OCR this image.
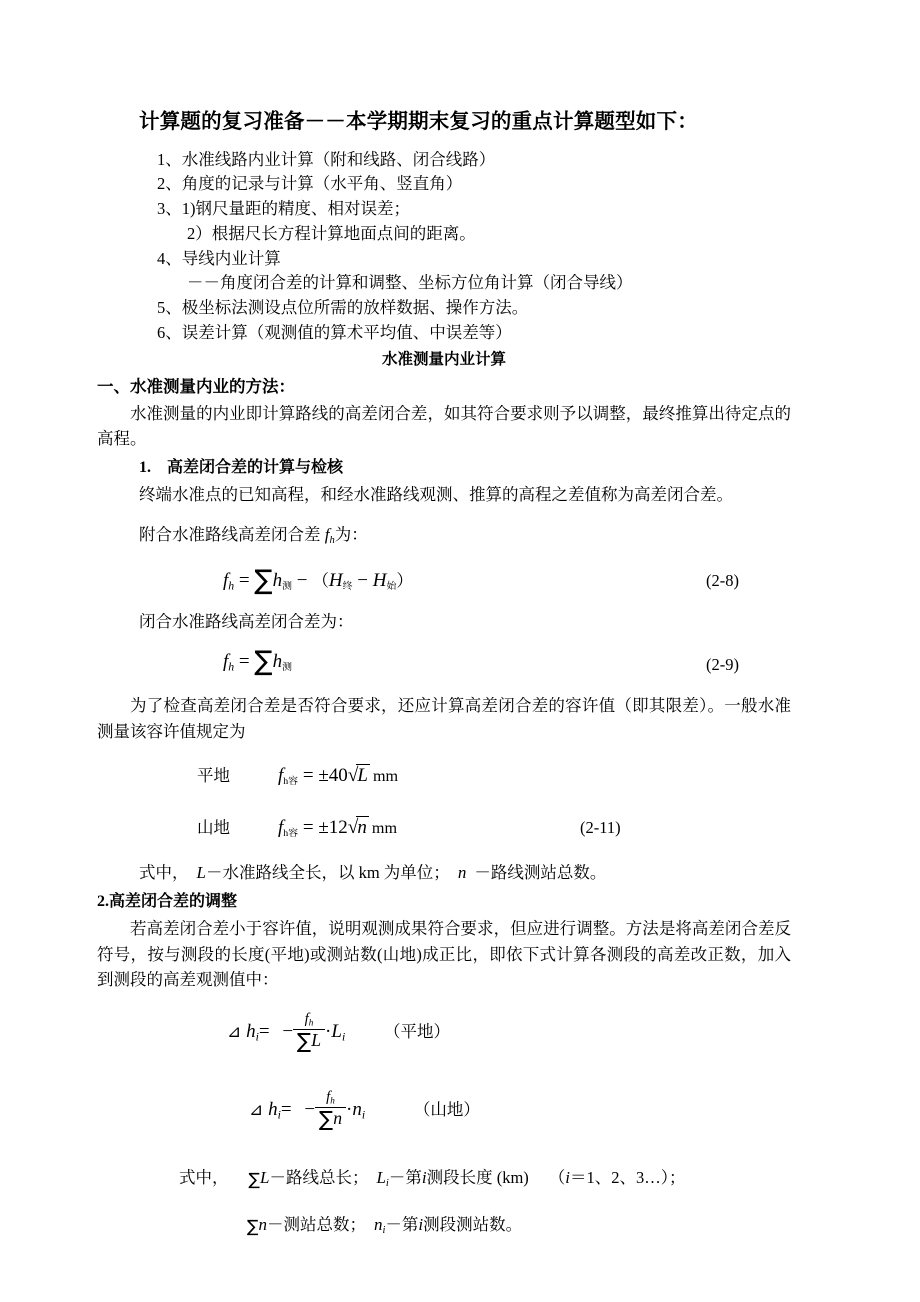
计算题的复习准备－－本学期期末复习的重点计算题型如下：
1、水准线路内业计算（附和线路、闭合线路）
2、角度的记录与计算（水平角、竖直角）
3、1)钢尺量距的精度、相对误差；
2）根据尺长方程计算地面点间的距离。
4、导线内业计算
－－角度闭合差的计算和调整、坐标方位角计算（闭合导线）
5、极坐标法测设点位所需的放样数据、操作方法。
6、误差计算（观测值的算术平均值、中误差等）
水准测量内业计算
一、水准测量内业的方法：

水准测量的内业即计算路线的高差闭合差，如其符合要求则予以调整，最终推算出待定点的高程。

1. 高差闭合差的计算与检核

终端水准点的已知高程，和经水准路线观测、推算的高程之差值称为高差闭合差。

附合水准路线高差闭合差 $f_h$为：

$f_h = \sum h_测 - (H_终 - H_始)$	(2-8)

闭合水准路线高差闭合差为：

$f_h = \sum h_测$	(2-9)

为了检查高差闭合差是否符合要求，还应计算高差闭合差的容许值（即其限差）。一般水准测量该容许值规定为

平地	$f_{h容} = \pm 40√L$ mm
山地	$f_{h容} = \pm 12√n$ mm	(2-11)

式中， L－水准路线全长，以 km 为单位； n －路线测站总数。

2.高差闭合差的调整

若高差闭合差小于容许值，说明观测成果符合要求，但应进行调整。方法是将高差闭合差反符号，按与测段的长度(平地)或测站数(山地)成正比，即依下式计算各测段的高差改正数，加入到测段的高差观测值中：

⊿ $h_i= - \frac{f_h}{\sum L} \cdot L_i$ （平地）
⊿ $h_i= - \frac{f_h}{\sum n} \cdot n_i$	（山地）

式中， ∑L－路线总长； $L_i-$第i测段长度 (km) （i＝1、2、3…）；

∑n－测站总数； $n_i-$第i测段测站数。
